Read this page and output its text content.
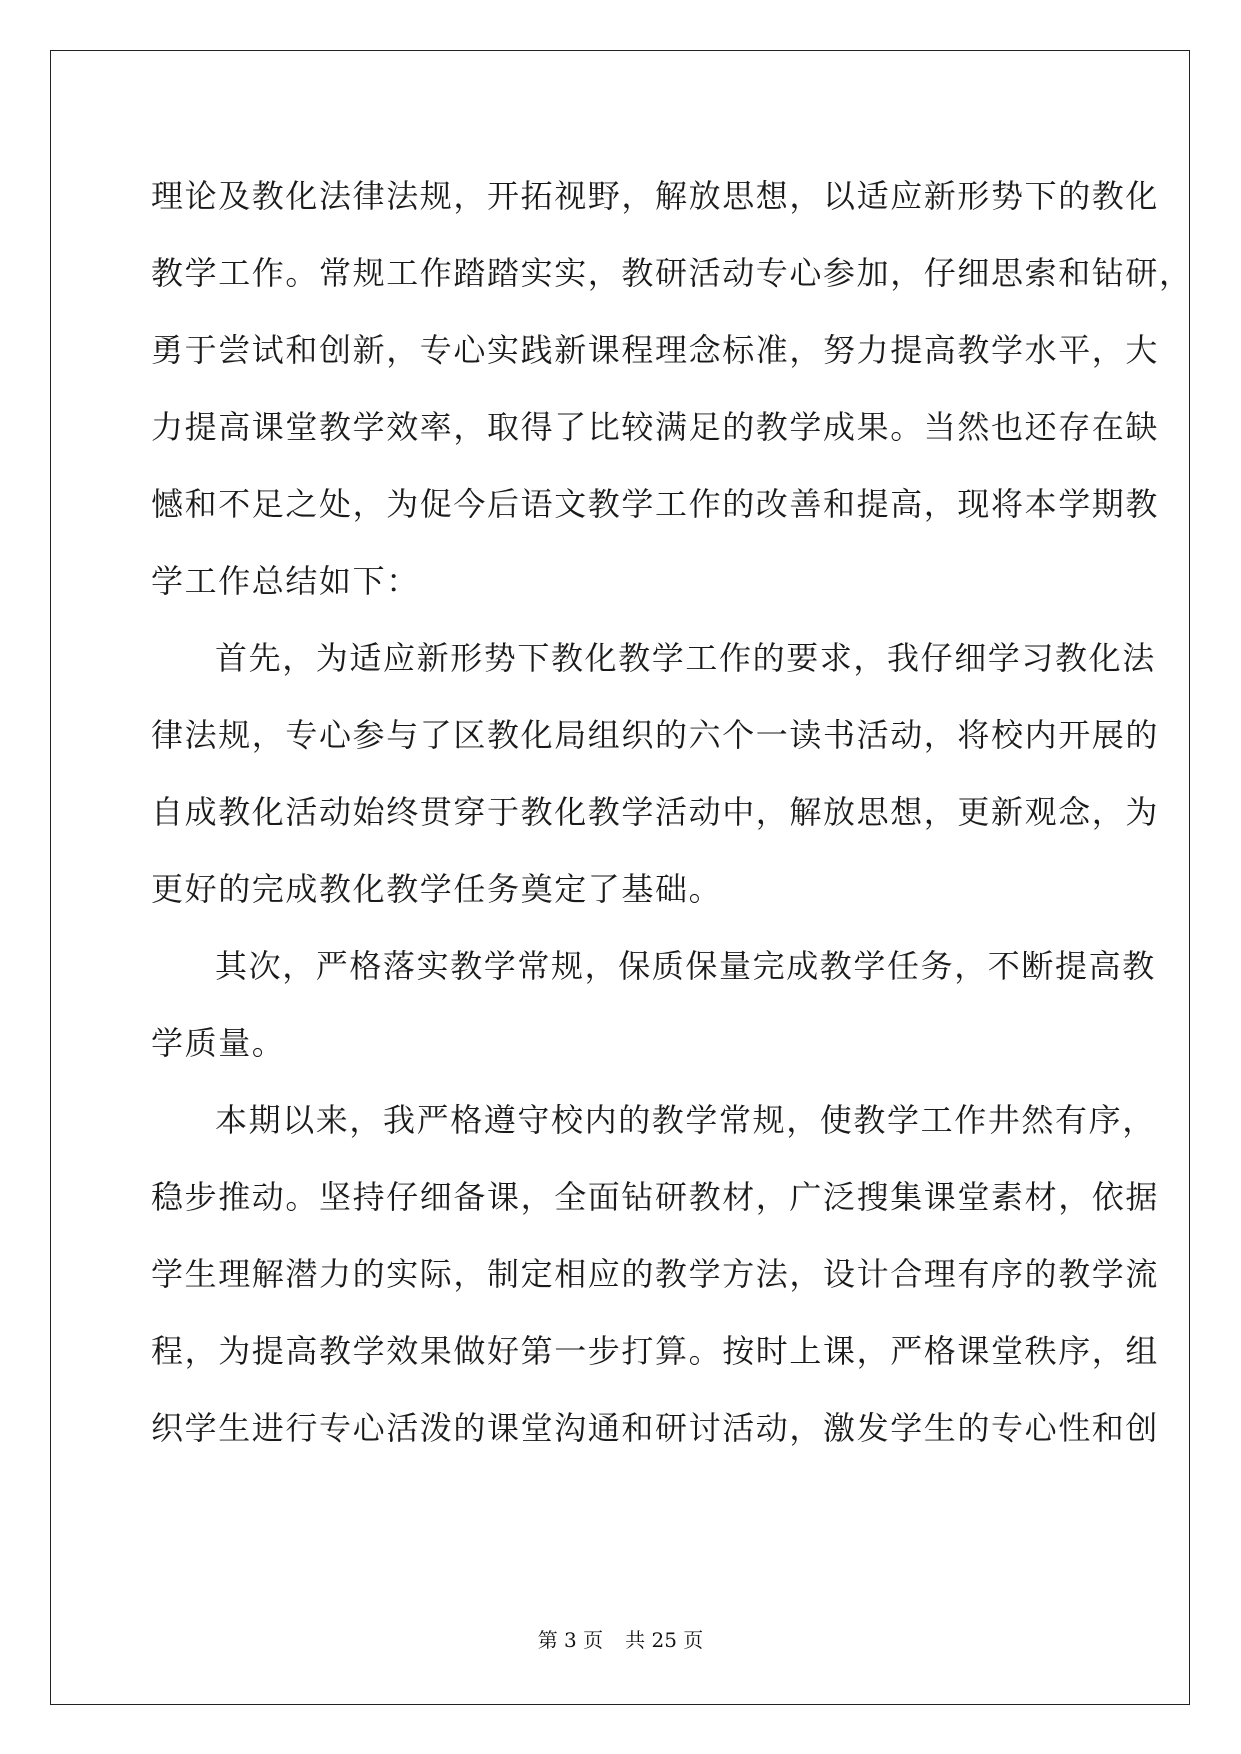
理论及教化法律法规，开拓视野，解放思想，以适应新形势下的教化
教学工作。常规工作踏踏实实，教研活动专心参加，仔细思索和钻研，
勇于尝试和创新，专心实践新课程理念标准，努力提高教学水平，大
力提高课堂教学效率，取得了比较满足的教学成果。当然也还存在缺
憾和不足之处，为促今后语文教学工作的改善和提高，现将本学期教
学工作总结如下：
首先，为适应新形势下教化教学工作的要求，我仔细学习教化法
律法规，专心参与了区教化局组织的六个一读书活动，将校内开展的
自成教化活动始终贯穿于教化教学活动中，解放思想，更新观念，为
更好的完成教化教学任务奠定了基础。
其次，严格落实教学常规，保质保量完成教学任务，不断提高教
学质量。
本期以来，我严格遵守校内的教学常规，使教学工作井然有序，
稳步推动。坚持仔细备课，全面钻研教材，广泛搜集课堂素材，依据
学生理解潜力的实际，制定相应的教学方法，设计合理有序的教学流
程，为提高教学效果做好第一步打算。按时上课，严格课堂秩序，组
织学生进行专心活泼的课堂沟通和研讨活动，激发学生的专心性和创
第 3 页 共 25 页
